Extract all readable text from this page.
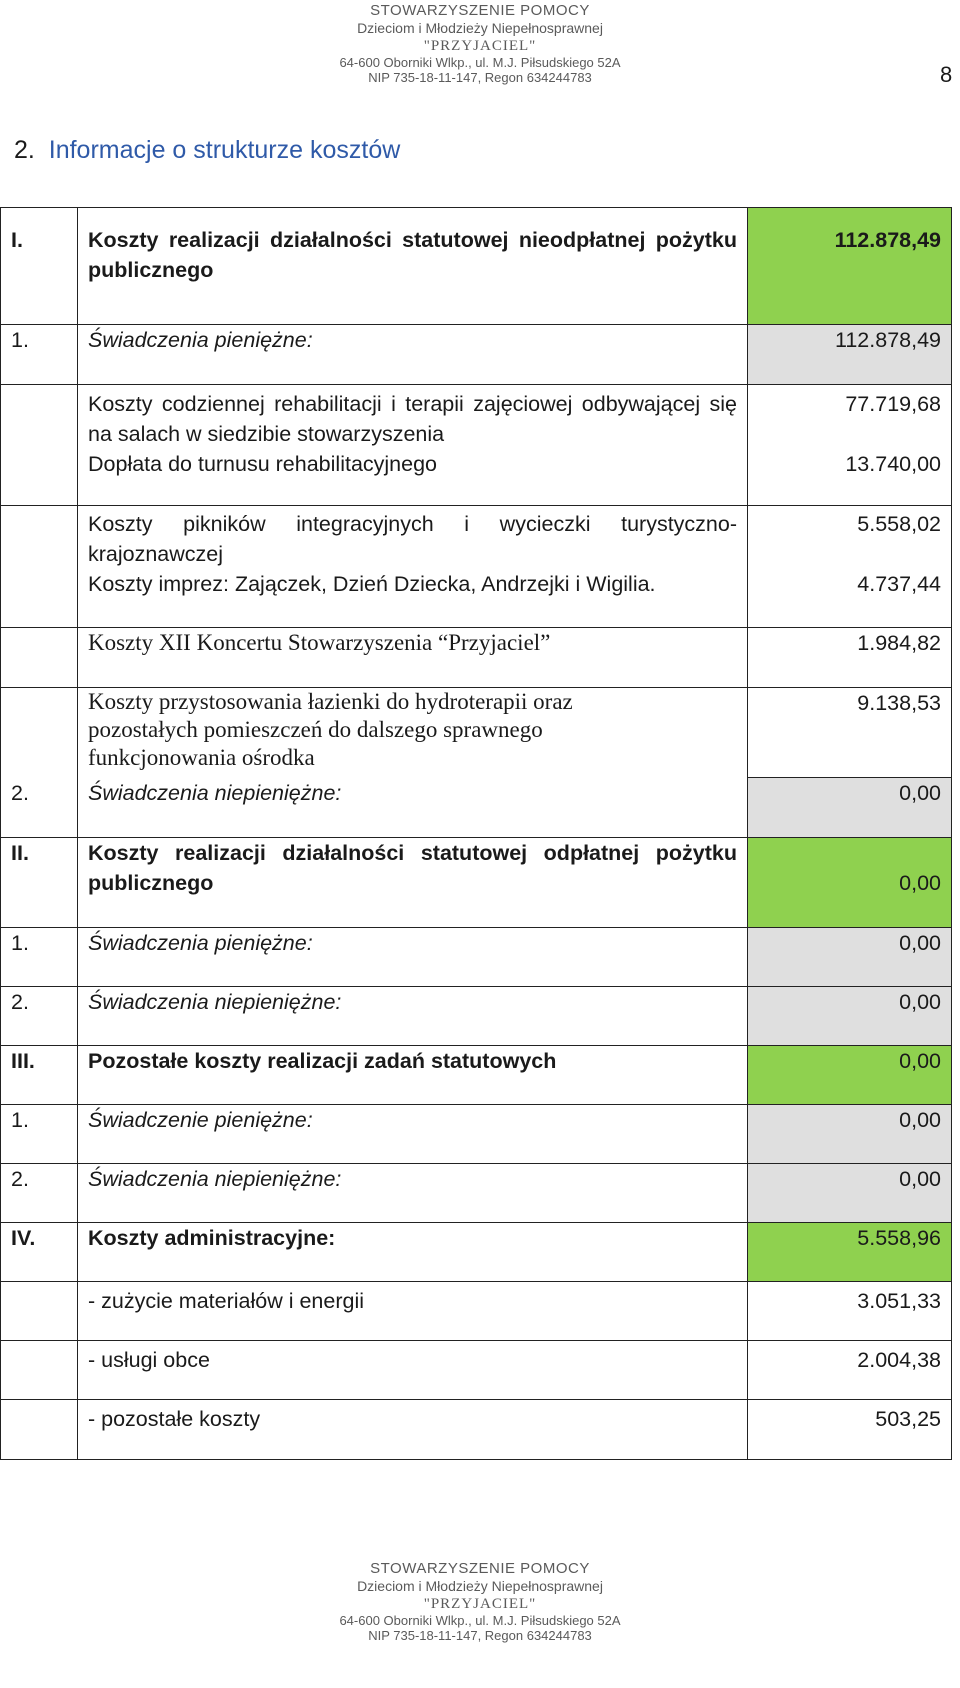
STOWARZYSZENIE POMOCY
Dzieciom i Młodzieży Niepełnosprawnej
"PRZYJACIEL"
64-600 Oborniki Wlkp., ul. M.J. Piłsudskiego 52A
NIP 735-18-11-147, Regon 634244783	8
2. Informacje o strukturze kosztów
I.	Koszty realizacji działalności statutowej nieodpłatnej pożytku publicznego	112.878,49
1.	Świadczenia pieniężne:	112.878,49
	Koszty codziennej rehabilitacji i terapii zajęciowej odbywającej się na salach w siedzibie stowarzyszenia	77.719,68
	Dopłata do turnusu rehabilitacyjnego	13.740,00
	Koszty pikników integracyjnych i wycieczki turystyczno-krajoznawczej	5.558,02
	Koszty imprez: Zajączek, Dzień Dziecka, Andrzejki i Wigilia.	4.737,44
	Koszty XII Koncertu Stowarzyszenia “Przyjaciel”	1.984,82
	Koszty przystosowania łazienki do hydroterapii oraz pozostałych pomieszczeń do dalszego sprawnego funkcjonowania ośrodka	9.138,53
2.	Świadczenia niepieniężne:	0,00
II.	Koszty realizacji działalności statutowej odpłatnej pożytku publicznego	0,00
1.	Świadczenia pieniężne:	0,00
2.	Świadczenia niepieniężne:	0,00
III.	Pozostałe koszty realizacji zadań statutowych	0,00
1.	Świadczenie pieniężne:	0,00
2.	Świadczenia niepieniężne:	0,00
IV.	Koszty administracyjne:	5.558,96
	- zużycie materiałów i energii	3.051,33
	- usługi obce	2.004,38
	- pozostałe koszty	503,25
STOWARZYSZENIE POMOCY
Dzieciom i Młodzieży Niepełnosprawnej
"PRZYJACIEL"
64-600 Oborniki Wlkp., ul. M.J. Piłsudskiego 52A
NIP 735-18-11-147, Regon 634244783
